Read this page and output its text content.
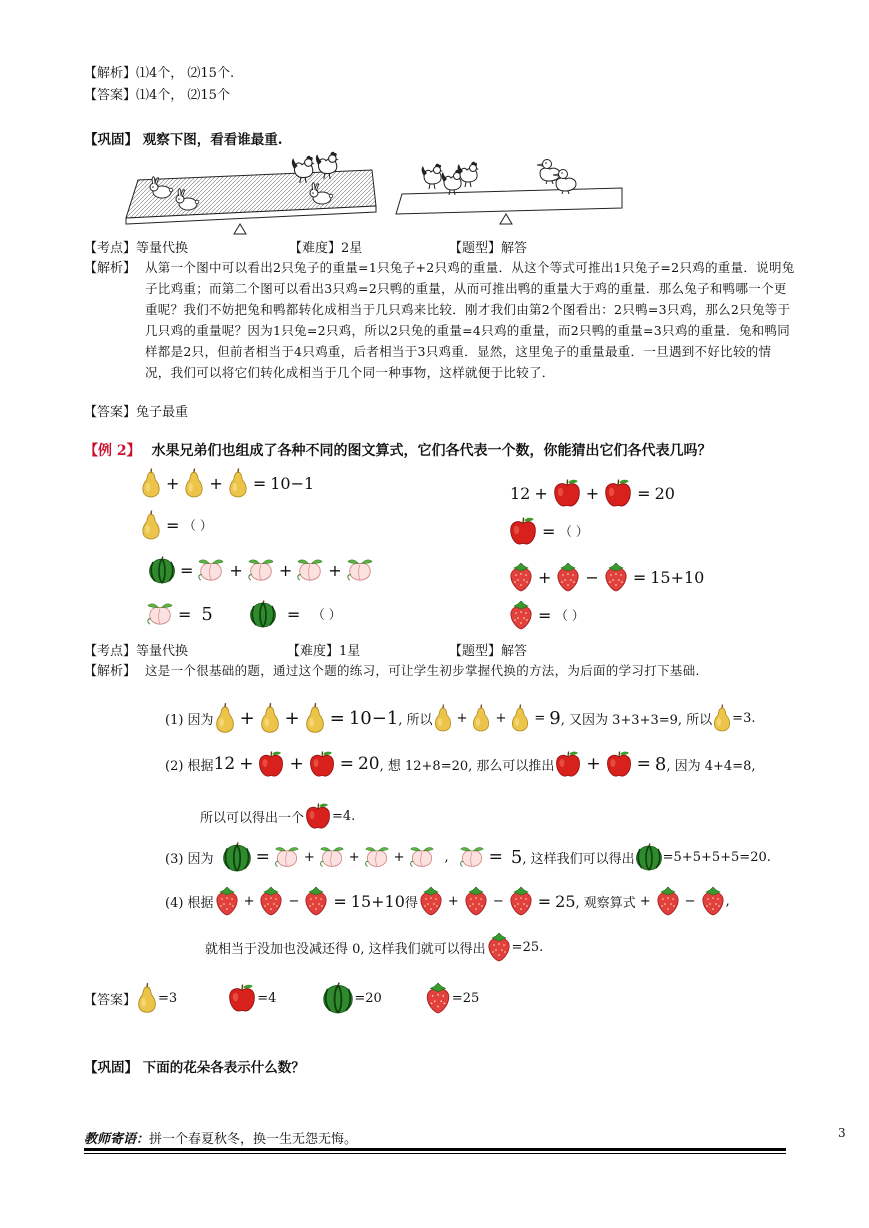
【解析】⑴4个， ⑵15个.
【答案】⑴4个， ⑵15个
【巩固】 观察下图，看看谁最重.
【考点】等量代换	【难度】2星	【题型】解答
【解析】 从第一个图中可以看出2只兔子的重量=1只兔子+2只鸡的重量．从这个等式可推出1只兔子=2只鸡的重量．说明兔子比鸡重；而第二个图可以看出3只鸡=2只鸭的重量，从而可推出鸭的重量大于鸡的重量．那么兔子和鸭哪一个更重呢？我们不妨把兔和鸭都转化成相当于几只鸡来比较．刚才我们由第2个图看出：2只鸭=3只鸡，那么2只兔等于几只鸡的重量呢？因为1只兔=2只鸡，所以2只兔的重量=4只鸡的重量，而2只鸭的重量=3只鸡的重量．兔和鸭同样都是2只，但前者相当于4只鸡重，后者相当于3只鸡重．显然，这里兔子的重量最重．一旦遇到不好比较的情况，我们可以将它们转化成相当于几个同一种事物，这样就便于比较了．
【答案】兔子最重
【例 2】 水果兄弟们也组成了各种不同的图文算式，它们各代表一个数，你能猜出它们各代表几吗？
+ + = 10−1
= （ ）
= + + +
= 5	= （ ）
12 + + = 20
= （ ）
+ − = 15+10
= （ ）
【考点】等量代换	【难度】1星	【题型】解答
【解析】 这是一个很基础的题，通过这个题的练习，可让学生初步掌握代换的方法，为后面的学习打下基础.
(1) 因为 + + = 10−1 , 所以 + + = 9 , 又因为 3+3+3=9, 所以 =3.
(2) 根据 12 + + = 20 , 想 12+8=20, 那么可以推出 + = 8 , 因为 4+4=8,
所以可以得出一个 =4.
(3) 因为 =	+	+	+	, = 5 , 这样我们可以得出 =5+5+5+5=20.
(4) 根据 +	− = 15+10 得 +	− = 25 , 观察算式 +	− ,
就相当于没加也没减还得 0, 这样我们就可以得出 =25.
【答案】 =3	=4	=20	=25
【巩固】 下面的花朵各表示什么数？
教师寄语：拼一个春夏秋冬，换一生无怨无悔。	3
